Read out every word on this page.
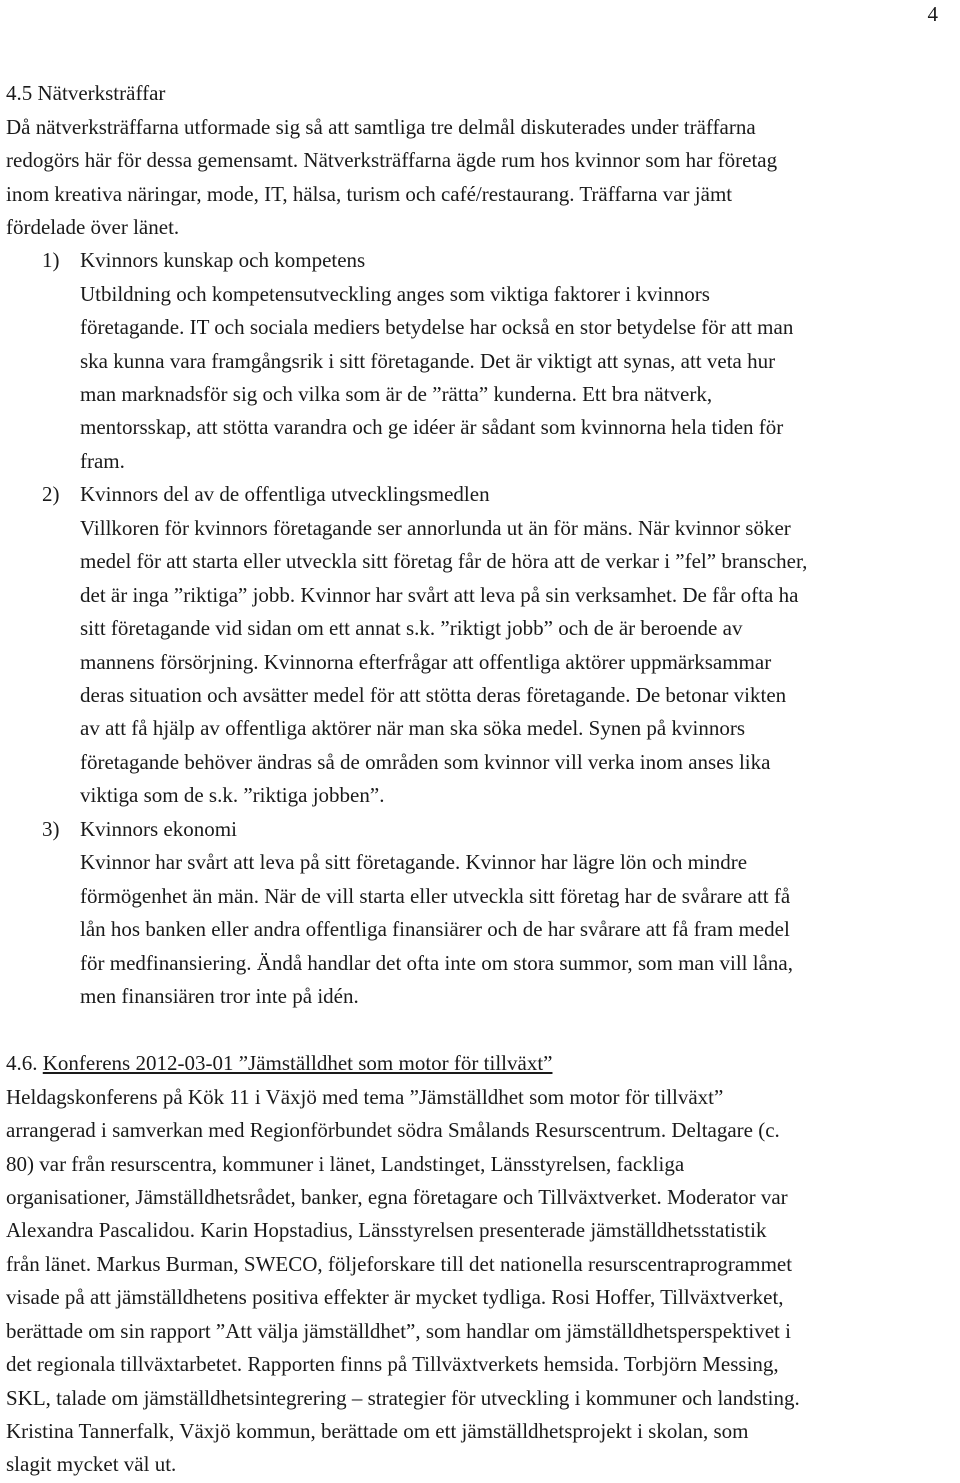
4
4.5 Nätverksträffar
Då nätverksträffarna utformade sig så att samtliga tre delmål diskuterades under träffarna
redogörs här för dessa gemensamt. Nätverksträffarna ägde rum hos kvinnor som har företag
inom kreativa näringar, mode, IT, hälsa, turism och café/restaurang. Träffarna var jämt
fördelade över länet.
1) Kvinnors kunskap och kompetens
Utbildning och kompetensutveckling anges som viktiga faktorer i kvinnors
företagande. IT och sociala mediers betydelse har också en stor betydelse för att man
ska kunna vara framgångsrik i sitt företagande. Det är viktigt att synas, att veta hur
man marknadsför sig och vilka som är de ”rätta” kunderna. Ett bra nätverk,
mentorsskap, att stötta varandra och ge idéer är sådant som kvinnorna hela tiden för
fram.
2) Kvinnors del av de offentliga utvecklingsmedlen
Villkoren för kvinnors företagande ser annorlunda ut än för mäns. När kvinnor söker
medel för att starta eller utveckla sitt företag får de höra att de verkar i ”fel” branscher,
det är inga ”riktiga” jobb. Kvinnor har svårt att leva på sin verksamhet. De får ofta ha
sitt företagande vid sidan om ett annat s.k. ”riktigt jobb” och de är beroende av
mannens försörjning. Kvinnorna efterfrågar att offentliga aktörer uppmärksammar
deras situation och avsätter medel för att stötta deras företagande. De betonar vikten
av att få hjälp av offentliga aktörer när man ska söka medel. Synen på kvinnors
företagande behöver ändras så de områden som kvinnor vill verka inom anses lika
viktiga som de s.k. ”riktiga jobben”.
3) Kvinnors ekonomi
Kvinnor har svårt att leva på sitt företagande. Kvinnor har lägre lön och mindre
förmögenhet än män. När de vill starta eller utveckla sitt företag har de svårare att få
lån hos banken eller andra offentliga finansiärer och de har svårare att få fram medel
för medfinansiering. Ändå handlar det ofta inte om stora summor, som man vill låna,
men finansiären tror inte på idén.
4.6. Konferens 2012-03-01 ”Jämställdhet som motor för tillväxt”
Heldagskonferens på Kök 11 i Växjö med tema ”Jämställdhet som motor för tillväxt”
arrangerad i samverkan med Regionförbundet södra Smålands Resurscentrum. Deltagare (c.
80) var från resurscentra, kommuner i länet, Landstinget, Länsstyrelsen, fackliga
organisationer, Jämställdhetsrådet, banker, egna företagare och Tillväxtverket. Moderator var
Alexandra Pascalidou. Karin Hopstadius, Länsstyrelsen presenterade jämställdhetsstatistik
från länet. Markus Burman, SWECO, följeforskare till det nationella resurscentraprogrammet
visade på att jämställdhetens positiva effekter är mycket tydliga. Rosi Hoffer, Tillväxtverket,
berättade om sin rapport ”Att välja jämställdhet”, som handlar om jämställdhetsperspektivet i
det regionala tillväxtarbetet. Rapporten finns på Tillväxtverkets hemsida. Torbjörn Messing,
SKL, talade om jämställdhetsintegrering – strategier för utveckling i kommuner och landsting.
Kristina Tannerfalk, Växjö kommun, berättade om ett jämställdhetsprojekt i skolan, som
slagit mycket väl ut.
